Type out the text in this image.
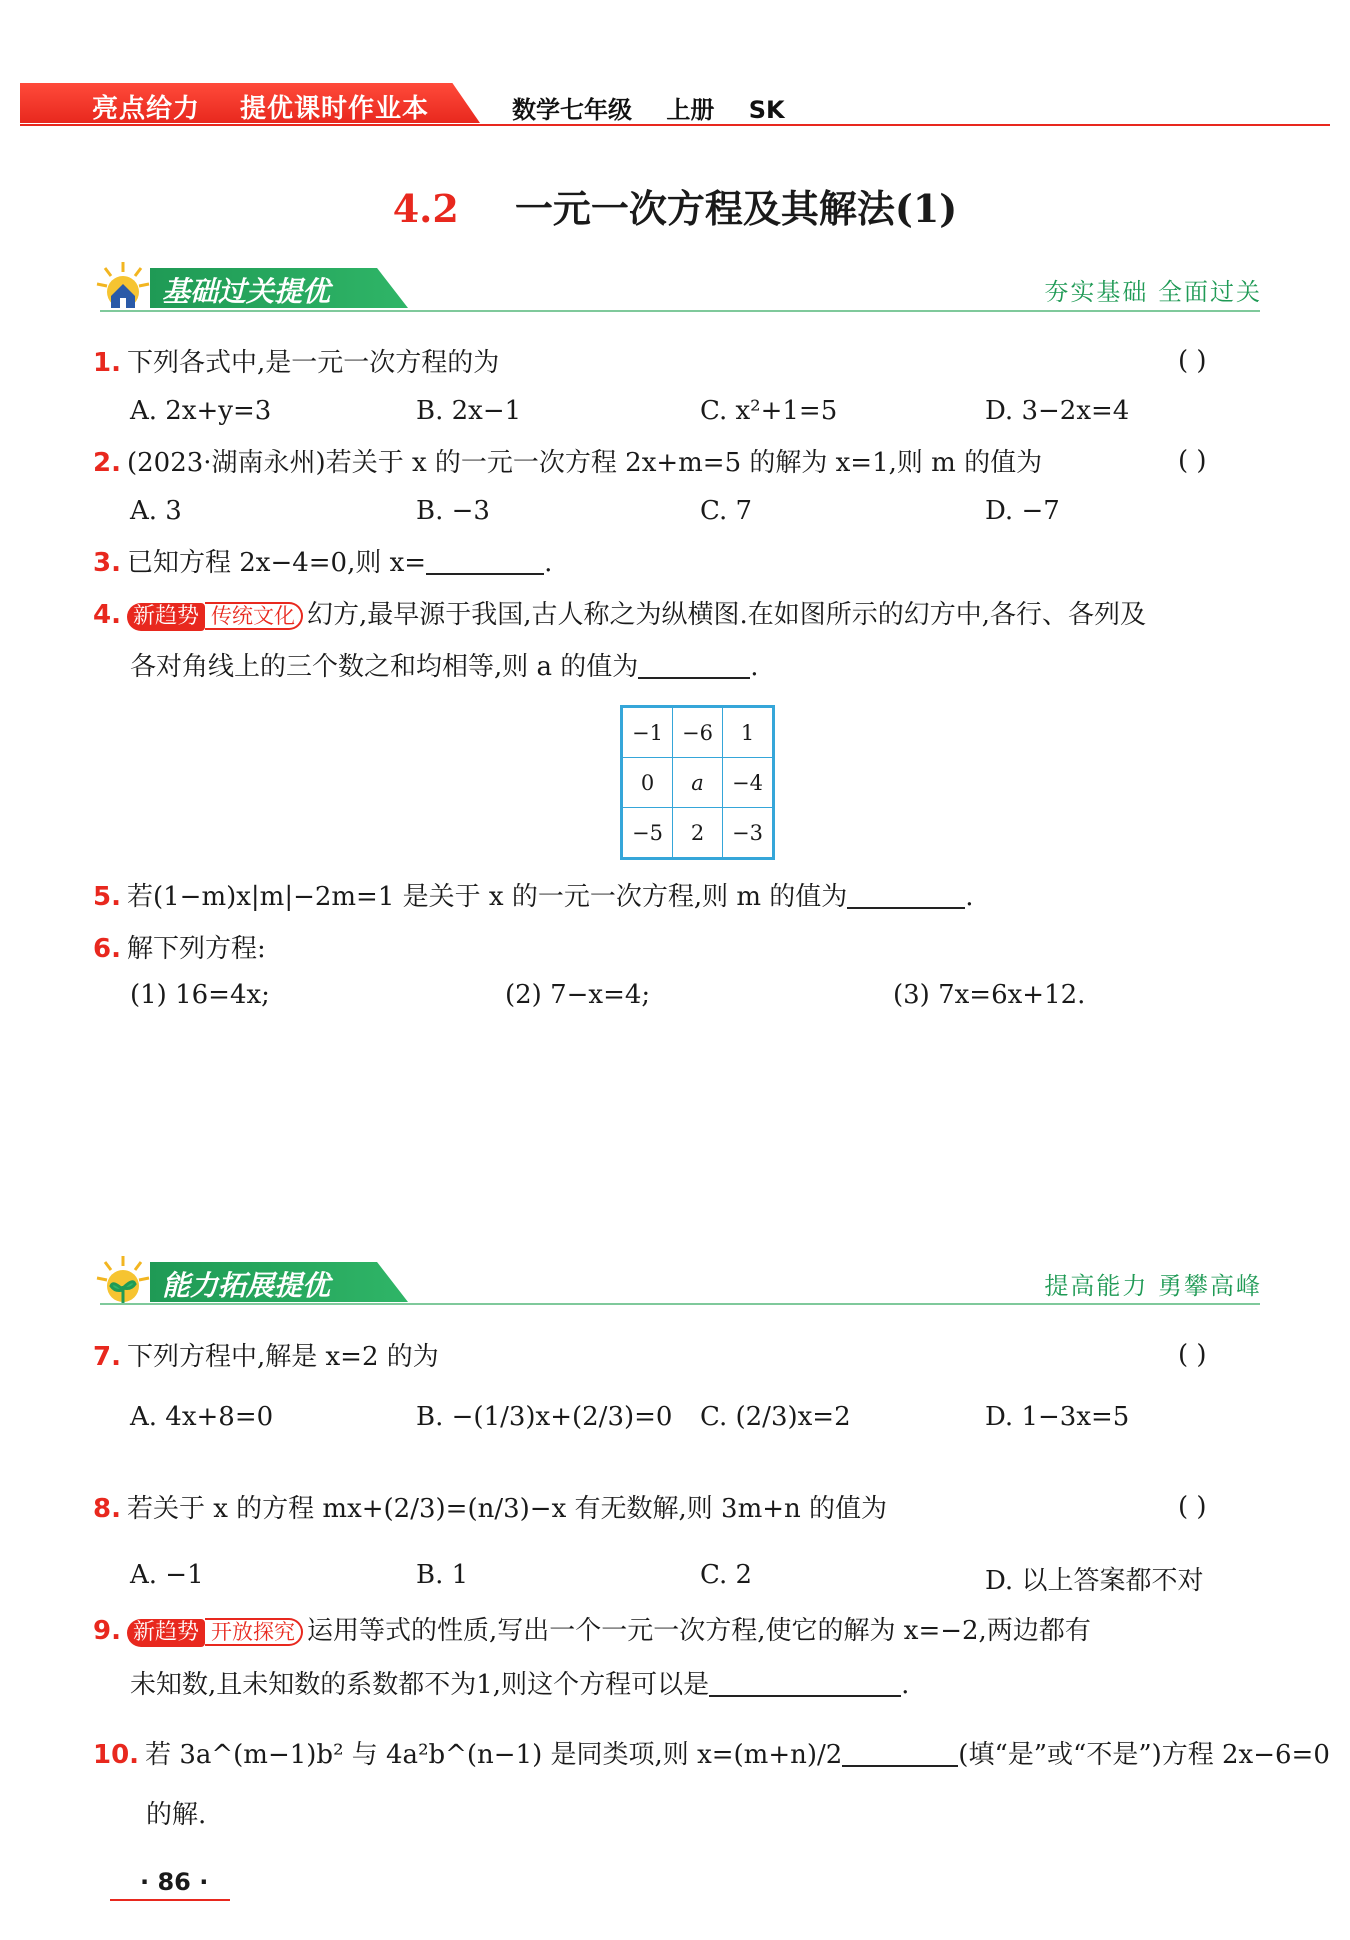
亮点给力 提优课时作业本	数学七年级 上册 SK
4.2 一元一次方程及其解法(1)
基础过关提优	夯实基础 全面过关
1. 下列各式中,是一元一次方程的为	( )
A. 2x+y=3	B. 2x−1	C. x²+1=5	D. 3−2x=4
2. (2023·湖南永州)若关于 x 的一元一次方程 2x+m=5 的解为 x=1,则 m 的值为	( )
A. 3	B. −3	C. 7	D. −7
3. 已知方程 2x−4=0,则 x=	.
4. 新趋势 传统文化 幻方,最早源于我国,古人称之为纵横图.在如图所示的幻方中,各行、各列及
各对角线上的三个数之和均相等,则 a 的值为	.
−1	−6	1
0	a	−4
−5	2	−3
5. 若(1−m)x|m|−2m=1 是关于 x 的一元一次方程,则 m 的值为	.
6. 解下列方程:
(1) 16=4x;	(2) 7−x=4;	(3) 7x=6x+12.
能力拓展提优	提高能力 勇攀高峰
7. 下列方程中,解是 x=2 的为	( )
A. 4x+8=0	B. −(1/3)x+(2/3)=0 C. (2/3)x=2	D. 1−3x=5
8. 若关于 x 的方程 mx+(2/3)=(n/3)−x 有无数解,则 3m+n 的值为	( )
A. −1	B. 1	C. 2	D. 以上答案都不对
9. 新趋势 开放探究 运用等式的性质,写出一个一元一次方程,使它的解为 x=−2,两边都有
未知数,且未知数的系数都不为1,则这个方程可以是	.
10. 若 3a^(m−1)b² 与 4a²b^(n−1) 是同类项,则 x=(m+n)/2	(填“是”或“不是”)方程 2x−6=0
的解.
· 86 ·
